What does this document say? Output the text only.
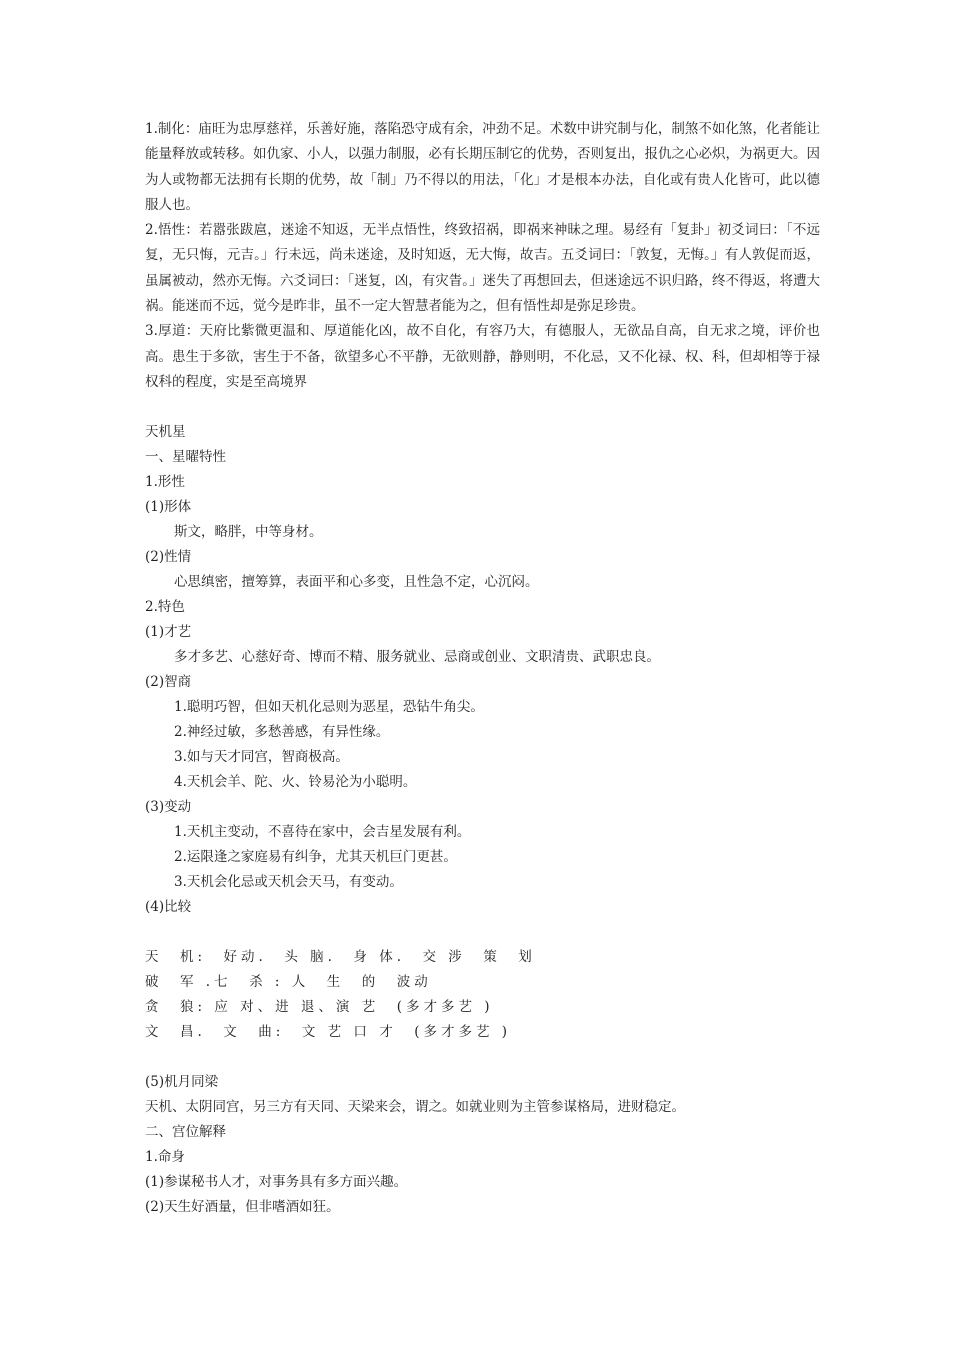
1.制化：庙旺为忠厚慈祥，乐善好施，落陷恐守成有余，冲劲不足。术数中讲究制与化，制煞不如化煞，化者能让能量释放或转移。如仇家、小人，以强力制服，必有长期压制它的优势，否则复出，报仇之心必炽，为祸更大。因为人或物都无法拥有长期的优势，故「制」乃不得以的用法，「化」才是根本办法，自化或有贵人化皆可，此以德服人也。

2.悟性：若嚣张跋扈，迷途不知返，无半点悟性，终致招祸，即祸来神昧之理。易经有「复卦」初爻词曰：「不远复，无只悔，元吉。」行未远，尚未迷途，及时知返，无大悔，故吉。五爻词曰：「敦复，无悔。」有人敦促而返，虽属被动，然亦无悔。六爻词曰：「迷复，凶，有灾眚。」迷失了再想回去，但迷途远不识归路，终不得返，将遭大祸。能迷而不远，觉今是昨非，虽不一定大智慧者能为之，但有悟性却是弥足珍贵。

3.厚道：天府比紫微更温和、厚道能化凶，故不自化，有容乃大，有德服人，无欲品自高，自无求之境，评价也高。患生于多欲，害生于不备，欲望多心不平静，无欲则静，静则明，不化忌，又不化禄、权、科，但却相等于禄权科的程度，实是至高境界

天机星

一、星曜特性

1.形性

(1)形体

斯文，略胖，中等身材。

(2)性情

心思缜密，擅筹算，表面平和心多变，且性急不定，心沉闷。

2.特色

(1)才艺

多才多艺、心慈好奇、博而不精、服务就业、忌商或创业、文职清贵、武职忠良。

(2)智商

1.聪明巧智，但如天机化忌则为恶星，恐钻牛角尖。

2.神经过敏，多愁善感，有异性缘。

3.如与天才同宫，智商极高。

4.天机会羊、陀、火、铃易沦为小聪明。

(3)变动

1.天机主变动，不喜待在家中，会吉星发展有利。

2.运限逢之家庭易有纠争，尤其天机巨门更甚。

3.天机会化忌或天机会天马，有变动。

(4)比较

天　机:　好动.　头 脑.　身 体.　交 涉　策　划

破　军 .七　杀 : 人　生　的　波动

贪　狼: 应 对、进 退、演 艺　(多才多艺 )

文　昌.　文　曲:　文 艺 口 才　(多才多艺 )

(5)机月同梁

天机、太阴同宫，另三方有天同、天梁来会，谓之。如就业则为主管参谋格局，进财稳定。

二、宫位解释

1.命身

(1)参谋秘书人才，对事务具有多方面兴趣。

(2)天生好酒量，但非嗜酒如狂。
